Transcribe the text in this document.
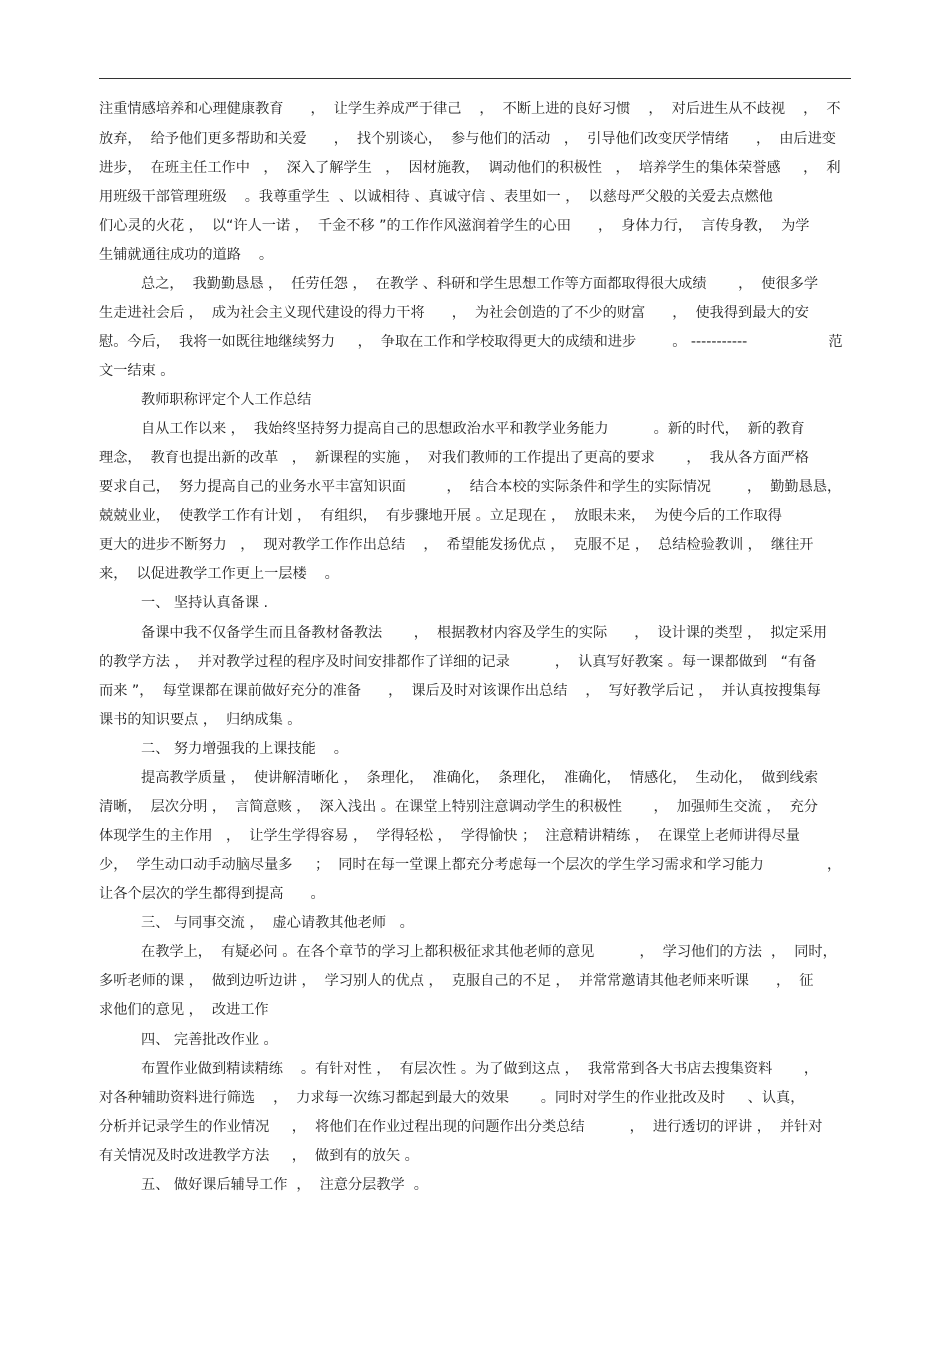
注重情感培养和心理健康教育      ，  让学生养成严于律己    ，  不断上进的良好习惯    ，  对后进生从不歧视    ，  不
放弃，  给予他们更多帮助和关爱      ，  找个别谈心，  参与他们的活动   ，  引导他们改变厌学情绪      ，  由后进变
进步，  在班主任工作中   ，  深入了解学生   ，  因材施教，  调动他们的积极性   ，  培养学生的集体荣誉感     ，  利
用班级干部管理班级    。我尊重学生  、以诚相待 、真诚守信 、表里如一 ，  以慈母严父般的关爱去点燃他
们心灵的火花 ，  以“许人一诺 ，  千金不移 ”的工作作风滋润着学生的心田      ，  身体力行，  言传身教，  为学
生铺就通往成功的道路    。
总之，  我勤勤恳恳 ，  任劳任怨 ，  在教学 、科研和学生思想工作等方面都取得很大成绩       ，  使很多学
生走进社会后 ，  成为社会主义现代建设的得力干将      ，  为社会创造的了不少的财富      ，  使我得到最大的安
慰。今后，  我将一如既往地继续努力     ，  争取在工作和学校取得更大的成绩和进步        。 -----------                  范
文一结束 。
教师职称评定个人工作总结
自从工作以来 ，  我始终坚持努力提高自己的思想政治水平和教学业务能力          。新的时代，  新的教育
理念，  教育也提出新的改革   ，  新课程的实施 ，  对我们教师的工作提出了更高的要求       ，  我从各方面严格
要求自己，  努力提高自己的业务水平丰富知识面         ，  结合本校的实际条件和学生的实际情况        ，  勤勤恳恳，
兢兢业业，  使教学工作有计划 ，  有组织，  有步骤地开展 。立足现在 ，  放眼未来，  为使今后的工作取得
更大的进步不断努力   ，  现对教学工作作出总结    ，  希望能发扬优点 ，  克服不足 ，  总结检验教训 ，  继往开
来，  以促进教学工作更上一层楼    。
一、 坚持认真备课 .
备课中我不仅备学生而且备教材备教法       ，  根据教材内容及学生的实际      ，  设计课的类型 ，  拟定采用
的教学方法 ，  并对教学过程的程序及时间安排都作了详细的记录          ，  认真写好教案 。每一课都做到   “有备
而来 ”，  每堂课都在课前做好充分的准备      ，  课后及时对该课作出总结    ，  写好教学后记 ，  并认真按搜集每
课书的知识要点 ，  归纳成集 。
二、 努力增强我的上课技能    。
提高教学质量 ，  使讲解清晰化 ，  条理化，  准确化，  条理化，  准确化，  情感化，  生动化，  做到线索
清晰，  层次分明 ，  言简意赅 ，  深入浅出 。在课堂上特别注意调动学生的积极性       ，  加强师生交流 ，  充分
体现学生的主作用   ，  让学生学得容易 ，  学得轻松 ，  学得愉快 ；  注意精讲精练 ，  在课堂上老师讲得尽量
少，  学生动口动手动脑尽量多     ；  同时在每一堂课上都充分考虑每一个层次的学生学习需求和学习能力              ，
让各个层次的学生都得到提高      。
三、 与同事交流 ，  虚心请教其他老师   。
在教学上，  有疑必问 。在各个章节的学习上都积极征求其他老师的意见          ，  学习他们的方法  ，  同时，
多听老师的课 ，  做到边听边讲 ，  学习别人的优点 ，  克服自己的不足 ，  并常常邀请其他老师来听课      ，  征
求他们的意见 ，  改进工作
四、 完善批改作业 。
布置作业做到精读精练    。有针对性 ，  有层次性 。为了做到这点 ，  我常常到各大书店去搜集资料       ，
对各种辅助资料进行筛选    ，  力求每一次练习都起到最大的效果       。同时对学生的作业批改及时     、认真，
分析并记录学生的作业情况     ，  将他们在作业过程出现的问题作出分类总结          ，  进行透切的评讲 ，  并针对
有关情况及时改进教学方法     ，  做到有的放矢 。
五、 做好课后辅导工作  ，  注意分层教学  。
